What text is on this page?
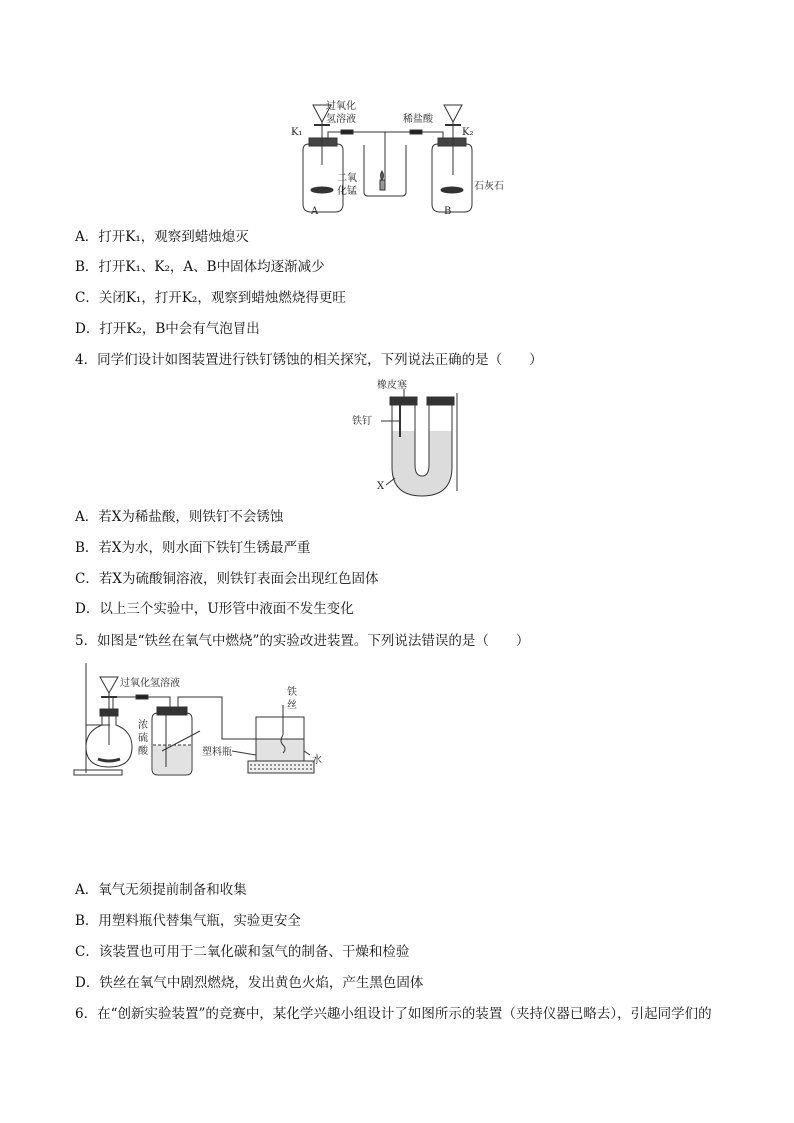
过氧化
氢溶液
K₁
稀盐酸
K₂
二氧
化锰	石灰石
A	B
A．打开K₁，观察到蜡烛熄灭
B．打开K₁、K₂，A、B中固体均逐渐减少
C．关闭K₁，打开K₂，观察到蜡烛燃烧得更旺
D．打开K₂，B中会有气泡冒出
4．同学们设计如图装置进行铁钉锈蚀的相关探究，下列说法正确的是（　　）
橡皮塞
铁钉
X
A．若X为稀盐酸，则铁钉不会锈蚀
B．若X为水，则水面下铁钉生锈最严重
C．若X为硫酸铜溶液，则铁钉表面会出现红色固体
D．以上三个实验中，U形管中液面不发生变化
5．如图是“铁丝在氧气中燃烧”的实验改进装置。下列说法错误的是（　　）
过氧化氢溶液
浓
硫
酸
铁
丝
塑料瓶
水
A．氧气无须提前制备和收集
B．用塑料瓶代替集气瓶，实验更安全
C．该装置也可用于二氧化碳和氢气的制备、干燥和检验
D．铁丝在氧气中剧烈燃烧，发出黄色火焰，产生黑色固体
6．在“创新实验装置”的竞赛中，某化学兴趣小组设计了如图所示的装置（夹持仪器已略去），引起同学们的
